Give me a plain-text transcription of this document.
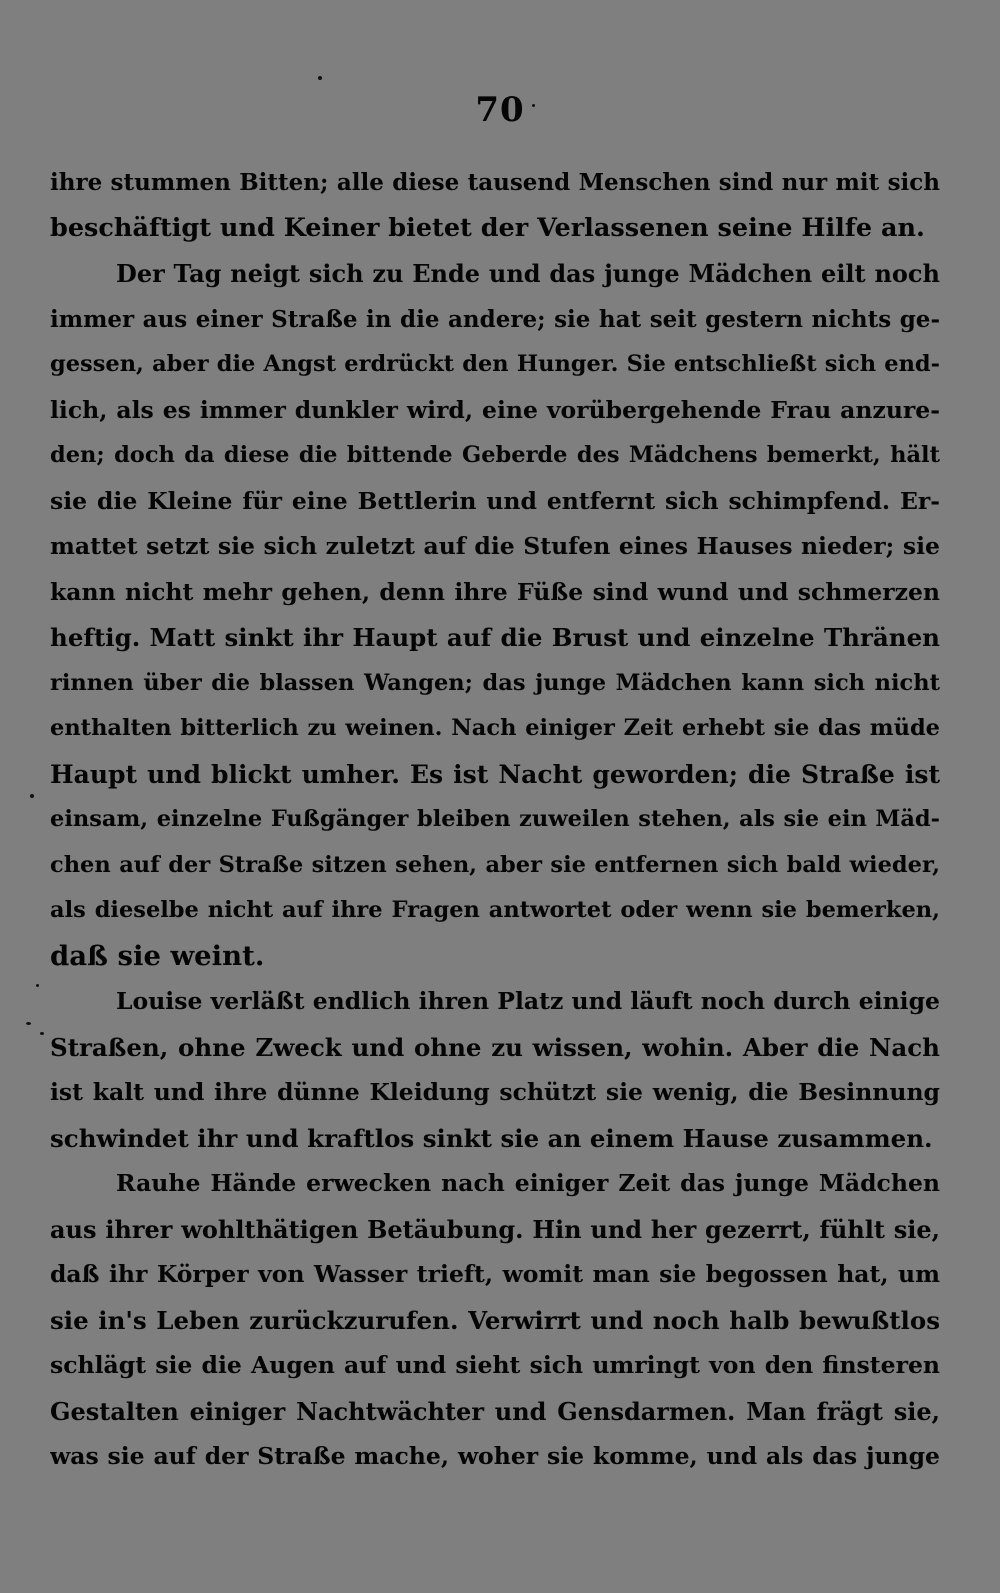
70
ihre stummen Bitten; alle diese tausend Menschen sind nur mit sich
beschäftigt und Keiner bietet der Verlassenen seine Hilfe an.
Der Tag neigt sich zu Ende und das junge Mädchen eilt noch
immer aus einer Straße in die andere; sie hat seit gestern nichts ge-
gessen, aber die Angst erdrückt den Hunger. Sie entschließt sich end-
lich, als es immer dunkler wird, eine vorübergehende Frau anzure-
den; doch da diese die bittende Geberde des Mädchens bemerkt, hält
sie die Kleine für eine Bettlerin und entfernt sich schimpfend. Er-
mattet setzt sie sich zuletzt auf die Stufen eines Hauses nieder; sie
kann nicht mehr gehen, denn ihre Füße sind wund und schmerzen
heftig. Matt sinkt ihr Haupt auf die Brust und einzelne Thränen
rinnen über die blassen Wangen; das junge Mädchen kann sich nicht
enthalten bitterlich zu weinen. Nach einiger Zeit erhebt sie das müde
Haupt und blickt umher. Es ist Nacht geworden; die Straße ist
einsam, einzelne Fußgänger bleiben zuweilen stehen, als sie ein Mäd-
chen auf der Straße sitzen sehen, aber sie entfernen sich bald wieder,
als dieselbe nicht auf ihre Fragen antwortet oder wenn sie bemerken,
daß sie weint.
Louise verläßt endlich ihren Platz und läuft noch durch einige
Straßen, ohne Zweck und ohne zu wissen, wohin. Aber die Nach
ist kalt und ihre dünne Kleidung schützt sie wenig, die Besinnung
schwindet ihr und kraftlos sinkt sie an einem Hause zusammen.
Rauhe Hände erwecken nach einiger Zeit das junge Mädchen
aus ihrer wohlthätigen Betäubung. Hin und her gezerrt, fühlt sie,
daß ihr Körper von Wasser trieft, womit man sie begossen hat, um
sie in's Leben zurückzurufen. Verwirrt und noch halb bewußtlos
schlägt sie die Augen auf und sieht sich umringt von den finsteren
Gestalten einiger Nachtwächter und Gensdarmen. Man frägt sie,
was sie auf der Straße mache, woher sie komme, und als das junge
